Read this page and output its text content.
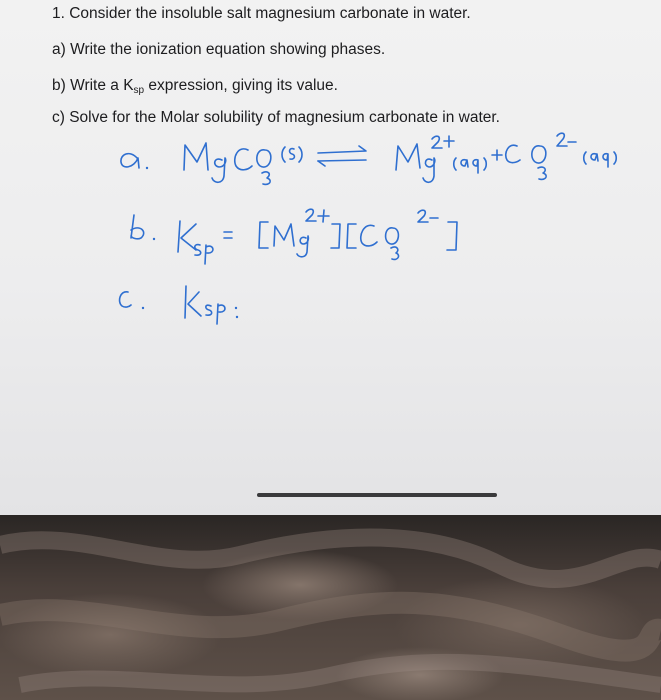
1. Consider the insoluble salt magnesium carbonate in water.

a) Write the ionization equation showing phases.

b) Write a $K_{sp}$ expression, giving its value.

c) Solve for the Molar solubility of magnesium carbonate in water.
